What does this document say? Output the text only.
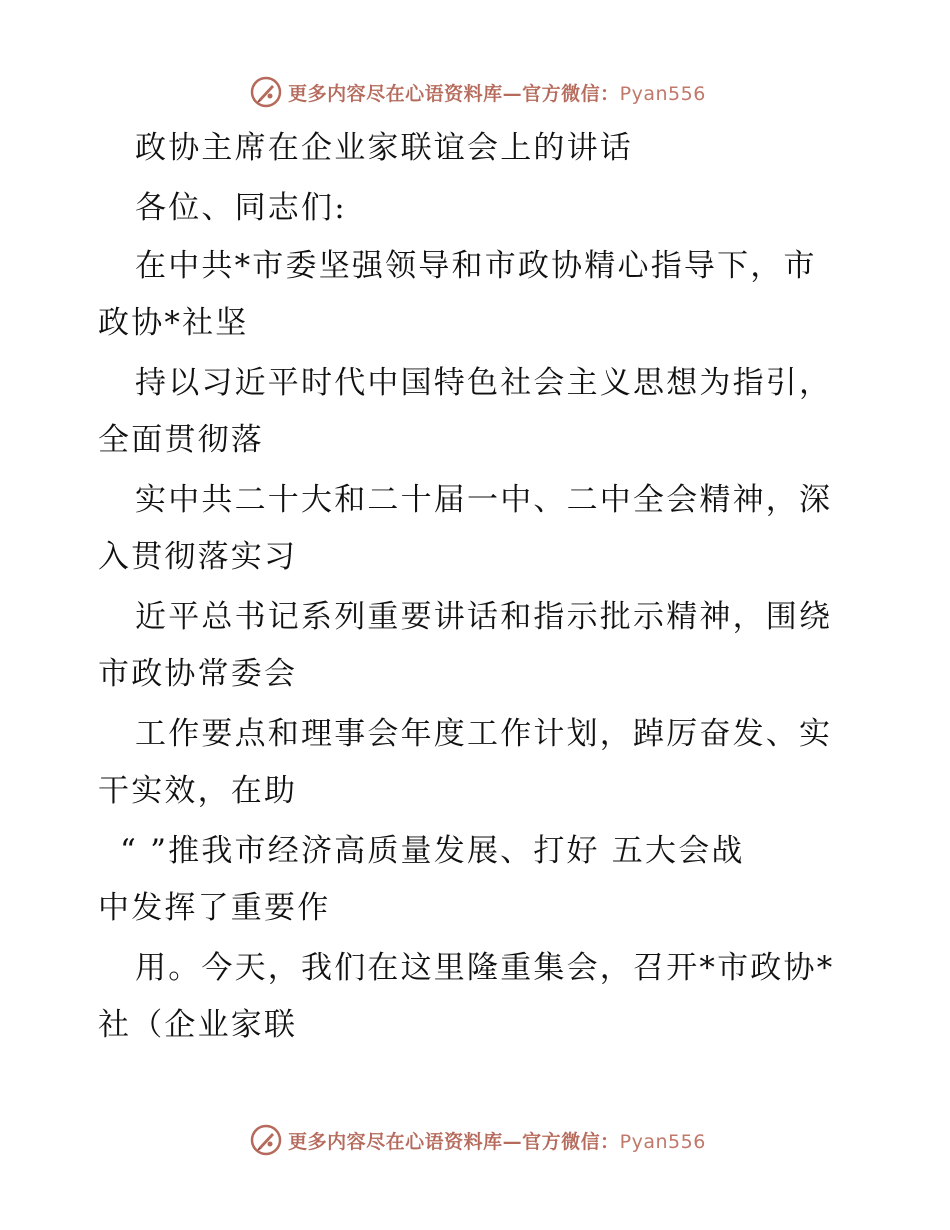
更多内容尽在心语资料库—官方微信：Pyan556
政协主席在企业家联谊会上的讲话
各位、同志们:
在中共*市委坚强领导和市政协精心指导下，市
政协*社坚
持以习近平时代中国特色社会主义思想为指引，
全面贯彻落
实中共二十大和二十届一中、二中全会精神，深
入贯彻落实习
近平总书记系列重要讲话和指示批示精神，围绕
市政协常委会
工作要点和理事会年度工作计划，踔厉奋发、实
干实效，在助
“ ”推我市经济高质量发展、打好 五大会战
中发挥了重要作
用。今天，我们在这里隆重集会，召开*市政协*
社（企业家联
更多内容尽在心语资料库—官方微信：Pyan556
